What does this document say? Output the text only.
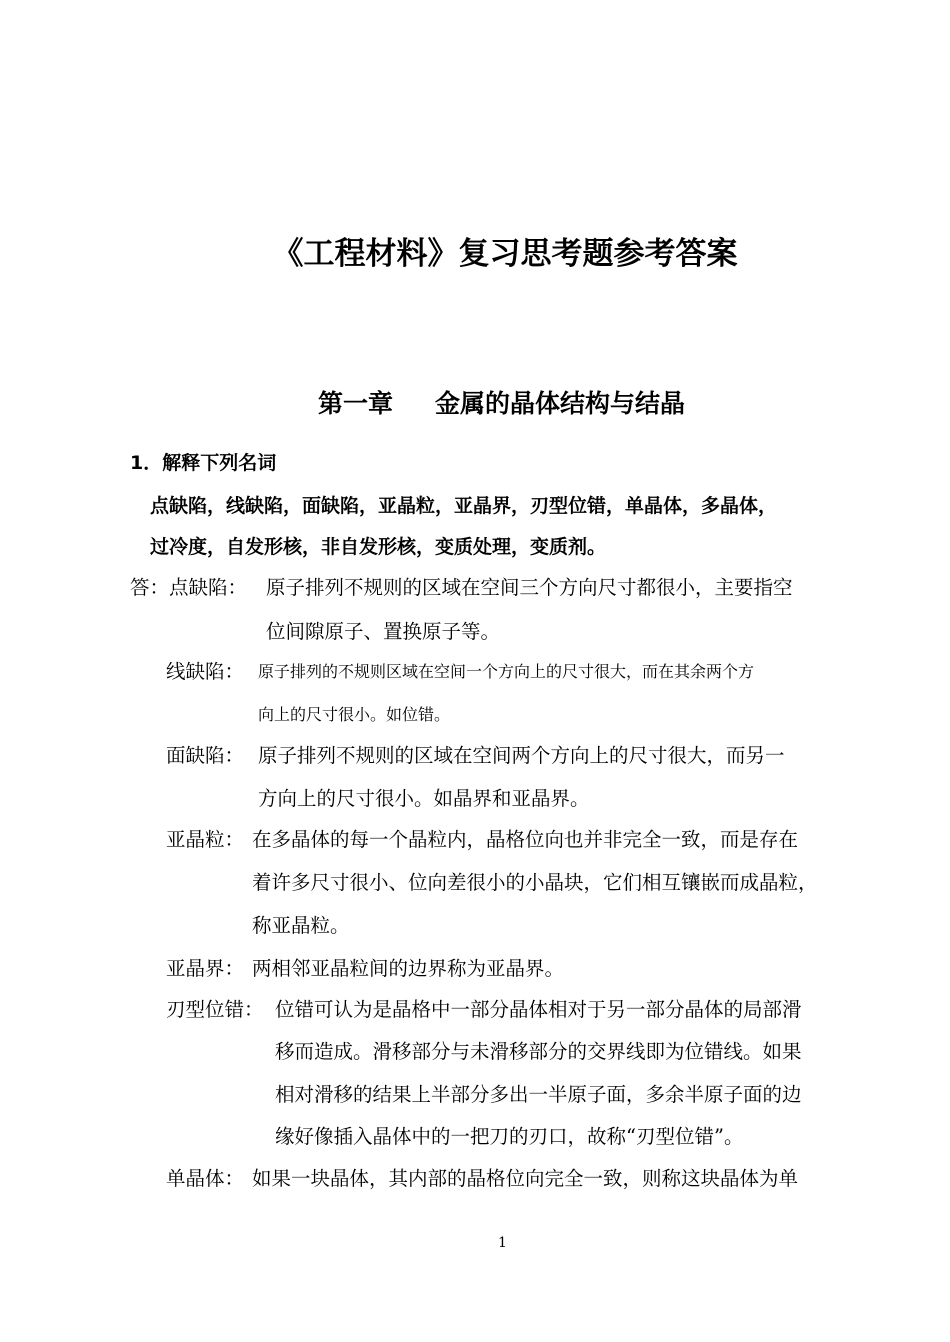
《工程材料》复习思考题参考答案
第一章 金属的晶体结构与结晶
1．解释下列名词
点缺陷，线缺陷，面缺陷，亚晶粒，亚晶界，刃型位错，单晶体，多晶体，
过冷度，自发形核，非自发形核，变质处理，变质剂。
答：点缺陷： 原子排列不规则的区域在空间三个方向尺寸都很小，主要指空
位间隙原子、置换原子等。
线缺陷： 原子排列的不规则区域在空间一个方向上的尺寸很大，而在其余两个方
向上的尺寸很小。如位错。
面缺陷： 原子排列不规则的区域在空间两个方向上的尺寸很大，而另一
方向上的尺寸很小。如晶界和亚晶界。
亚晶粒： 在多晶体的每一个晶粒内，晶格位向也并非完全一致，而是存在
着许多尺寸很小、位向差很小的小晶块，它们相互镶嵌而成晶粒，
称亚晶粒。
亚晶界： 两相邻亚晶粒间的边界称为亚晶界。
刃型位错： 位错可认为是晶格中一部分晶体相对于另一部分晶体的局部滑
移而造成。滑移部分与未滑移部分的交界线即为位错线。如果
相对滑移的结果上半部分多出一半原子面，多余半原子面的边
缘好像插入晶体中的一把刀的刃口，故称“刃型位错”。
单晶体： 如果一块晶体，其内部的晶格位向完全一致，则称这块晶体为单
1
